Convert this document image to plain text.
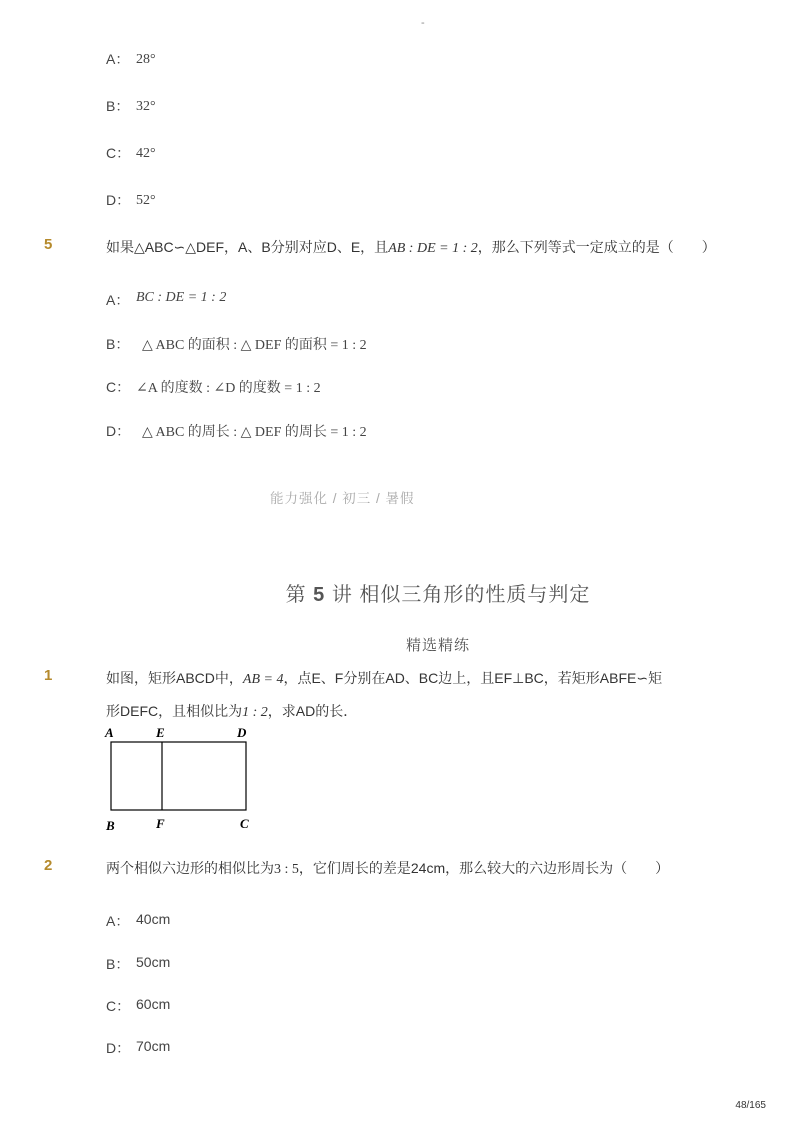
-
A： 28°
B： 32°
C： 42°
D： 52°
5	如果△ABC∽△DEF，A、B分别对应D、E，且AB : DE = 1 : 2，那么下列等式一定成立的是（　　）
A： BC : DE = 1 : 2
B： △ ABC 的面积 : △ DEF 的面积 = 1 : 2
C： ∠A 的度数 : ∠D 的度数 = 1 : 2
D： △ ABC 的周长 : △ DEF 的周长 = 1 : 2
能力强化 / 初三 / 暑假
第 5 讲 相似三角形的性质与判定
精选精练
1	如图，矩形ABCD中，AB = 4，点E、F分别在AD、BC边上，且EF⊥BC，若矩形ABFE∽矩
形DEFC，且相似比为1 : 2，求AD的长．
A	E	D
B	F	C
2	两个相似六边形的相似比为3 : 5，它们周长的差是24cm，那么较大的六边形周长为（　　）
A： 40cm
B： 50cm
C： 60cm
D： 70cm
48/165
